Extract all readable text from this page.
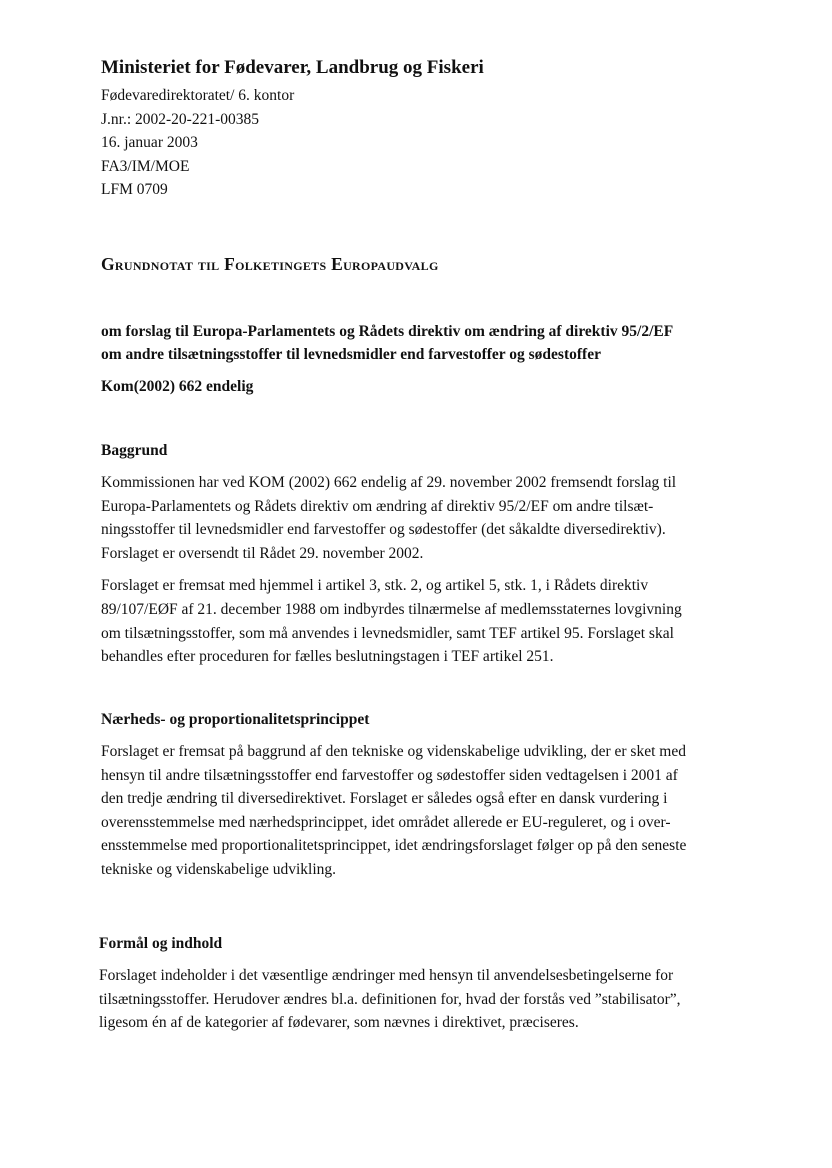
Ministeriet for Fødevarer, Landbrug og Fiskeri

Fødevaredirektoratet/ 6. kontor

J.nr.: 2002-20-221-00385

16. januar 2003

FA3/IM/MOE

LFM 0709

Grundnotat til Folketingets Europaudvalg

om forslag til Europa-Parlamentets og Rådets direktiv om ændring af direktiv 95/2/EF

om andre tilsætningsstoffer til levnedsmidler end farvestoffer og sødestoffer

Kom(2002) 662 endelig
Baggrund

Kommissionen har ved KOM (2002) 662 endelig af 29. november 2002 fremsendt forslag til
Europa-Parlamentets og Rådets direktiv om ændring af direktiv 95/2/EF om andre tilsæt-
ningsstoffer til levnedsmidler end farvestoffer og sødestoffer (det såkaldte diversedirektiv).
Forslaget er oversendt til Rådet 29. november 2002.

Forslaget er fremsat med hjemmel i artikel 3, stk. 2, og artikel 5, stk. 1, i Rådets direktiv
89/107/EØF af 21. december 1988 om indbyrdes tilnærmelse af medlemsstaternes lovgivning
om tilsætningsstoffer, som må anvendes i levnedsmidler, samt TEF artikel 95. Forslaget skal
behandles efter proceduren for fælles beslutningstagen i TEF artikel 251.

Nærheds- og proportionalitetsprincippet

Forslaget er fremsat på baggrund af den tekniske og videnskabelige udvikling, der er sket med
hensyn til andre tilsætningsstoffer end farvestoffer og sødestoffer siden vedtagelsen i 2001 af
den tredje ændring til diversedirektivet. Forslaget er således også efter en dansk vurdering i
overensstemmelse med nærhedsprincippet, idet området allerede er EU-reguleret, og i over-
ensstemmelse med proportionalitetsprincippet, idet ændringsforslaget følger op på den seneste
tekniske og videnskabelige udvikling.

Formål og indhold

Forslaget indeholder i det væsentlige ændringer med hensyn til anvendelsesbetingelserne for
tilsætningsstoffer. Herudover ændres bl.a. definitionen for, hvad der forstås ved ”stabilisator”,
ligesom én af de kategorier af fødevarer, som nævnes i direktivet, præciseres.
